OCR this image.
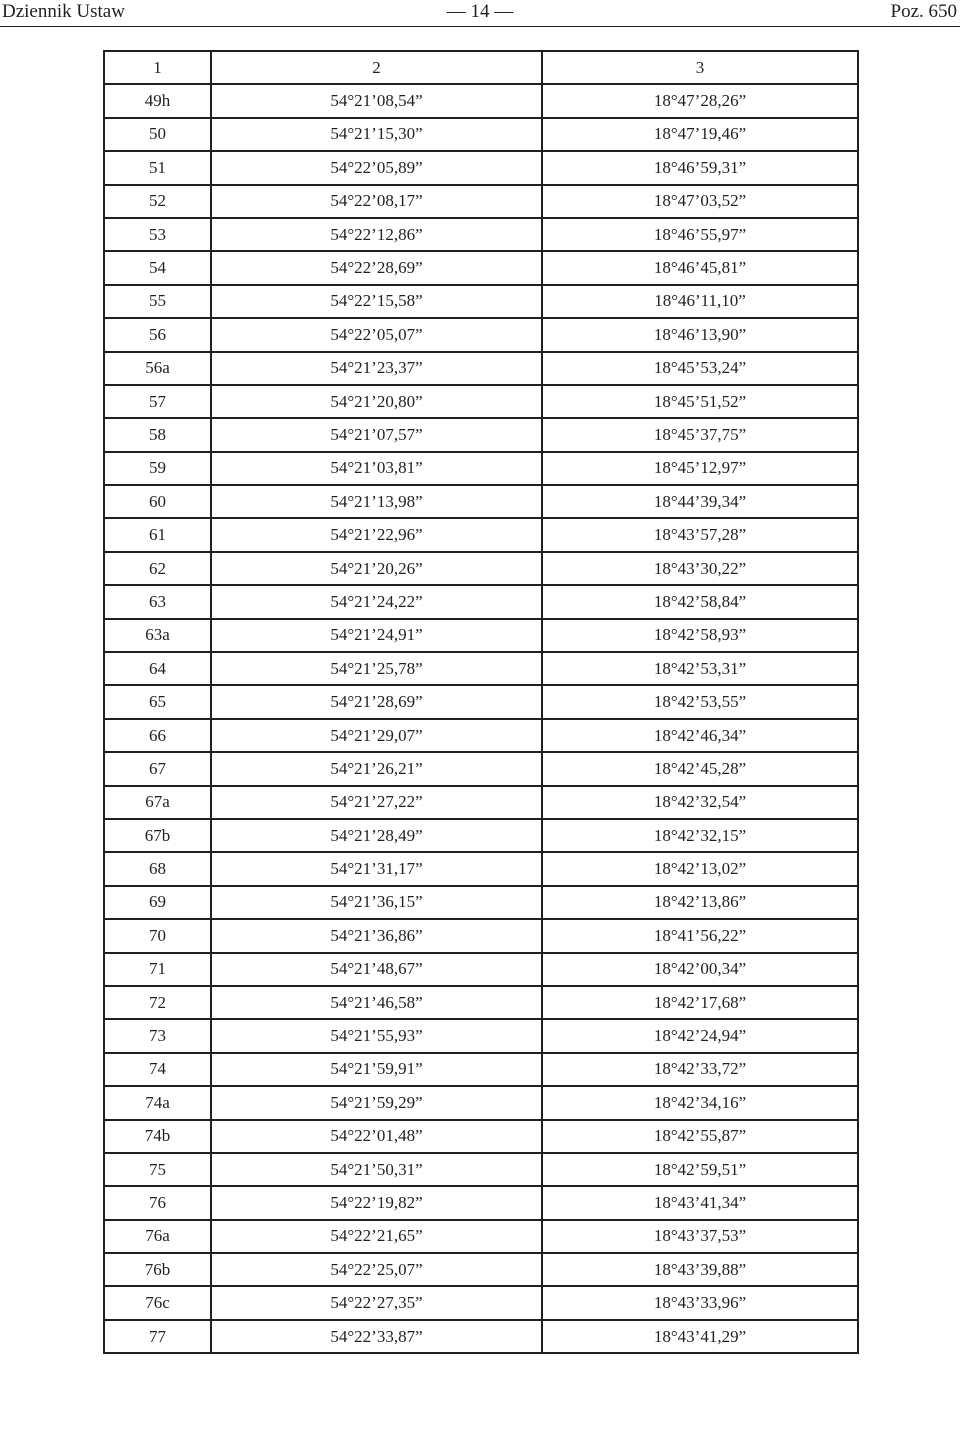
Dziennik Ustaw	— 14 —	Poz. 650
1	2	3
49h	54°21’08,54”	18°47’28,26”
50	54°21’15,30”	18°47’19,46”
51	54°22’05,89”	18°46’59,31”
52	54°22’08,17”	18°47’03,52”
53	54°22’12,86”	18°46’55,97”
54	54°22’28,69”	18°46’45,81”
55	54°22’15,58”	18°46’11,10”
56	54°22’05,07”	18°46’13,90”
56a	54°21’23,37”	18°45’53,24”
57	54°21’20,80”	18°45’51,52”
58	54°21’07,57”	18°45’37,75”
59	54°21’03,81”	18°45’12,97”
60	54°21’13,98”	18°44’39,34”
61	54°21’22,96”	18°43’57,28”
62	54°21’20,26”	18°43’30,22”
63	54°21’24,22”	18°42’58,84”
63a	54°21’24,91”	18°42’58,93”
64	54°21’25,78”	18°42’53,31”
65	54°21’28,69”	18°42’53,55”
66	54°21’29,07”	18°42’46,34”
67	54°21’26,21”	18°42’45,28”
67a	54°21’27,22”	18°42’32,54”
67b	54°21’28,49”	18°42’32,15”
68	54°21’31,17”	18°42’13,02”
69	54°21’36,15”	18°42’13,86”
70	54°21’36,86”	18°41’56,22”
71	54°21’48,67”	18°42’00,34”
72	54°21’46,58”	18°42’17,68”
73	54°21’55,93”	18°42’24,94”
74	54°21’59,91”	18°42’33,72”
74a	54°21’59,29”	18°42’34,16”
74b	54°22’01,48”	18°42’55,87”
75	54°21’50,31”	18°42’59,51”
76	54°22’19,82”	18°43’41,34”
76a	54°22’21,65”	18°43’37,53”
76b	54°22’25,07”	18°43’39,88”
76c	54°22’27,35”	18°43’33,96”
77	54°22’33,87”	18°43’41,29”
